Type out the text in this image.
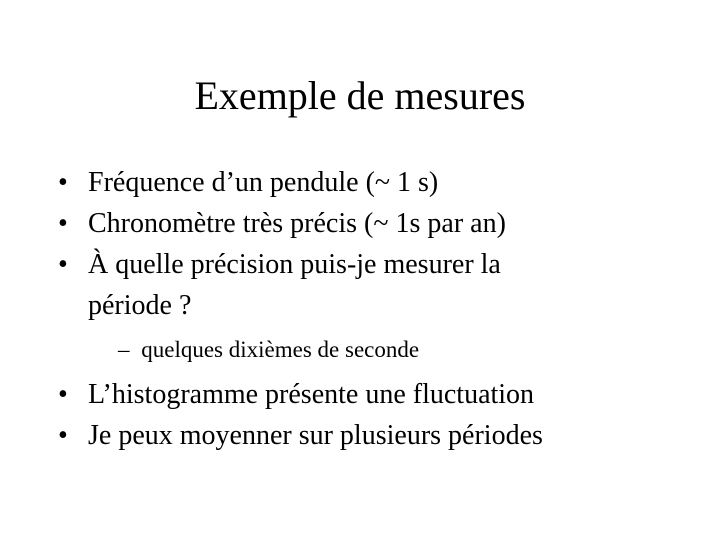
Exemple de mesures
• Fréquence d’un pendule (~ 1 s)
• Chronomètre très précis (~ 1s par an)
• À quelle précision puis-je mesurer la
période ?
– quelques dixièmes de seconde
• L’histogramme présente une fluctuation
• Je peux moyenner sur plusieurs périodes
